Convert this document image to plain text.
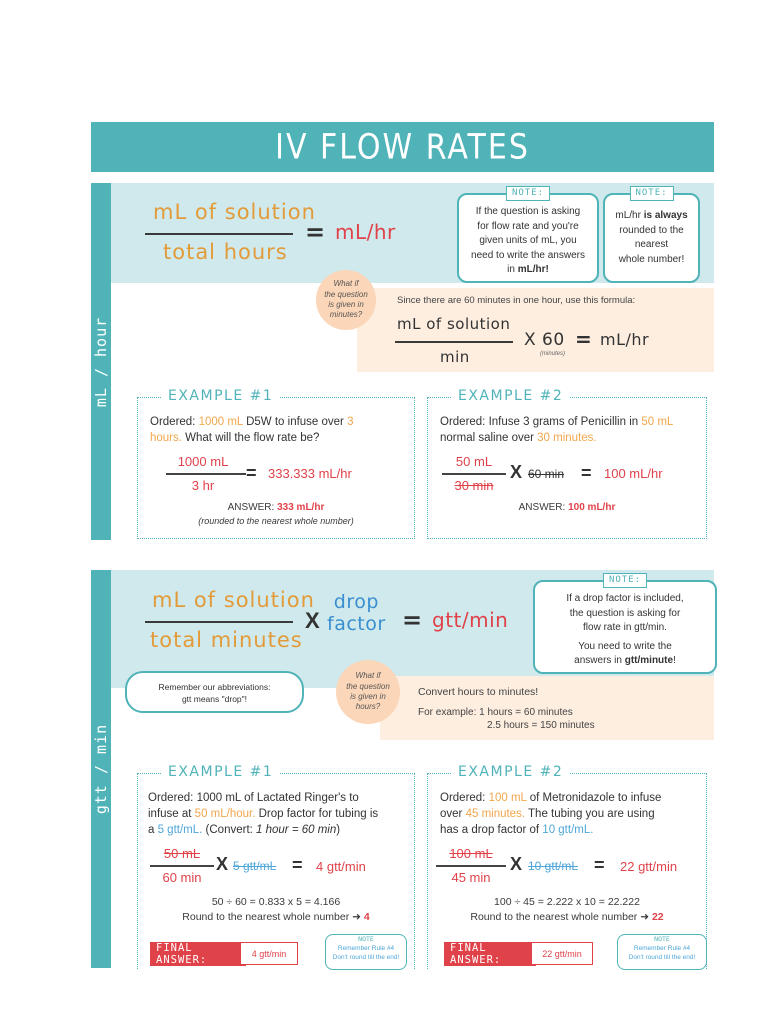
IV FLOW RATES
mL / hour
mL of solution
total hours
= mL/hr
NOTE:
If the question is asking
for flow rate and you're
given units of mL, you
need to write the answers
in mL/hr!
NOTE:
mL/hr is always
rounded to the
nearest
whole number!
What if
the question
is given in
minutes?
Since there are 60 minutes in one hour, use this formula:
mL of solution
min
X 60
(minutes)
= mL/hr
EXAMPLE #1
Ordered: 1000 mL D5W to infuse over 3
hours. What will the flow rate be?
1000 mL
3 hr
= 333.333 mL/hr
ANSWER: 333 mL/hr
(rounded to the nearest whole number)
EXAMPLE #2
Ordered: Infuse 3 grams of Penicillin in 50 mL
normal saline over 30 minutes.
50 mL
30 min
X 60 min = 100 mL/hr
ANSWER: 100 mL/hr
gtt / min
mL of solution
total minutes
X
drop
factor = gtt/min
NOTE:
If a drop factor is included,
the question is asking for
flow rate in gtt/min.
You need to write the
answers in gtt/minute!
Remember our abbreviations:
gtt means "drop"!
What if
the question
is given in
hours?
Convert hours to minutes!
For example: 1 hours = 60 minutes
2.5 hours = 150 minutes
EXAMPLE #1
Ordered: 1000 mL of Lactated Ringer's to
infuse at 50 mL/hour. Drop factor for tubing is
a 5 gtt/mL. (Convert: 1 hour = 60 min)
50 mL
60 min
X 5 gtt/mL = 4 gtt/min
50 ÷ 60 = 0.833 x 5 = 4.166
Round to the nearest whole number ➜ 4
FINAL ANSWER:
4 gtt/min
NOTE
Remember Rule #4
Don't round till the end!
EXAMPLE #2
Ordered: 100 mL of Metronidazole to infuse
over 45 minutes. The tubing you are using
has a drop factor of 10 gtt/mL.
100 mL
45 min
X 10 gtt/mL = 22 gtt/min
100 ÷ 45 = 2.222 x 10 = 22.222
Round to the nearest whole number ➜ 22
FINAL ANSWER:
22 gtt/min
NOTE
Remember Rule #4
Don't round till the end!
